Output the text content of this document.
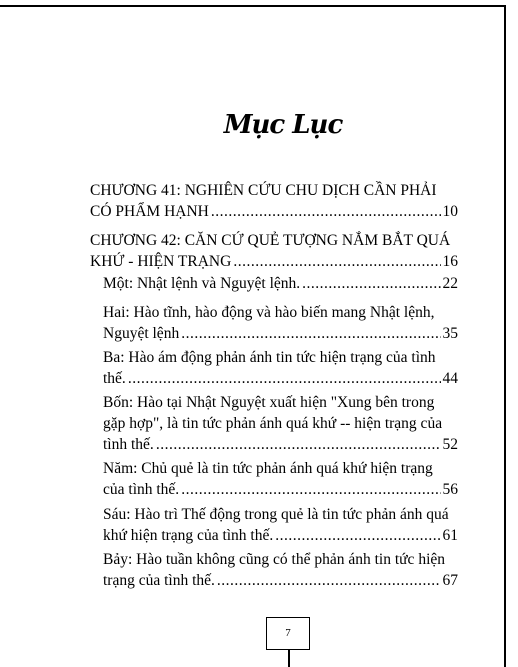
Mục Lục
CHƯƠNG 41: NGHIÊN CỨU CHU DỊCH CẦN PHẢI
CÓ PHẨM HẠNH .....	10
CHƯƠNG 42: CĂN CỨ QUẺ TƯỢNG NẮM BẮT QUÁ
KHỨ - HIỆN TRẠNG .....	16
Một: Nhật lệnh và Nguyệt lệnh. .....	22
Hai: Hào tĩnh, hào động và hào biến mang Nhật lệnh,
Nguyệt lệnh .....	35
Ba: Hào ám động phản ánh tin tức hiện trạng của tình
thế. .....	44
Bốn: Hào tại Nhật Nguyệt xuất hiện "Xung bên trong
gặp hợp", là tin tức phản ánh quá khứ -- hiện trạng của
tình thế. .....	52
Năm: Chủ quẻ là tin tức phản ánh quá khứ hiện trạng
của tình thế. .....	56
Sáu: Hào trì Thế động trong quẻ là tin tức phản ánh quá
khứ hiện trạng của tình thế. .....	61
Bảy: Hào tuần không cũng có thể phản ánh tin tức hiện
trạng của tình thế. .....	67
7
